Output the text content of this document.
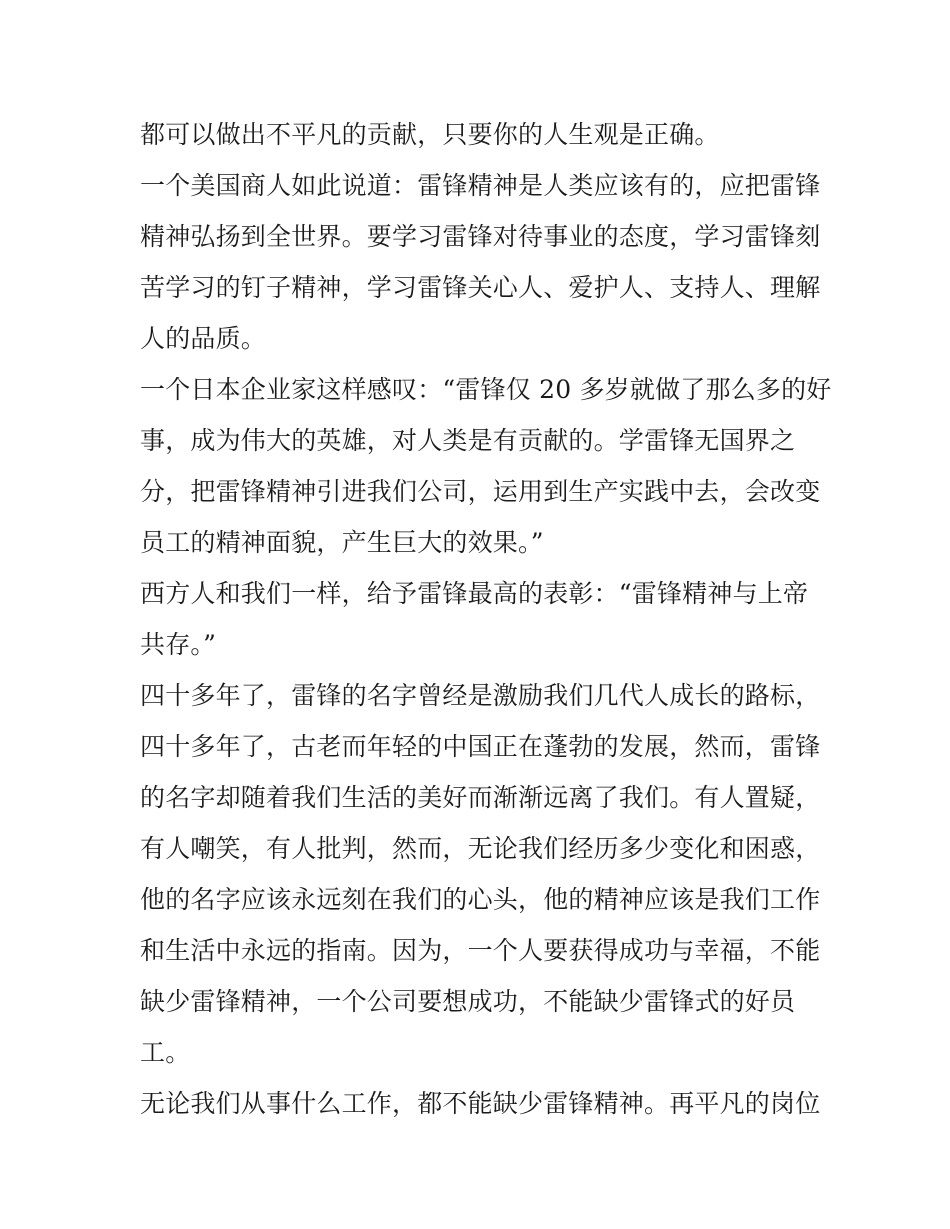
都可以做出不平凡的贡献，只要你的人生观是正确。
一个美国商人如此说道：雷锋精神是人类应该有的，应把雷锋
精神弘扬到全世界。要学习雷锋对待事业的态度，学习雷锋刻
苦学习的钉子精神，学习雷锋关心人、爱护人、支持人、理解
人的品质。
一个日本企业家这样感叹：“雷锋仅 20 多岁就做了那么多的好
事，成为伟大的英雄，对人类是有贡献的。学雷锋无国界之
分，把雷锋精神引进我们公司，运用到生产实践中去，会改变
员工的精神面貌，产生巨大的效果。”
西方人和我们一样，给予雷锋最高的表彰：“雷锋精神与上帝
共存。”
四十多年了，雷锋的名字曾经是激励我们几代人成长的路标，
四十多年了，古老而年轻的中国正在蓬勃的发展，然而，雷锋
的名字却随着我们生活的美好而渐渐远离了我们。有人置疑，
有人嘲笑，有人批判，然而，无论我们经历多少变化和困惑，
他的名字应该永远刻在我们的心头，他的精神应该是我们工作
和生活中永远的指南。因为，一个人要获得成功与幸福，不能
缺少雷锋精神，一个公司要想成功，不能缺少雷锋式的好员
工。
无论我们从事什么工作，都不能缺少雷锋精神。再平凡的岗位
